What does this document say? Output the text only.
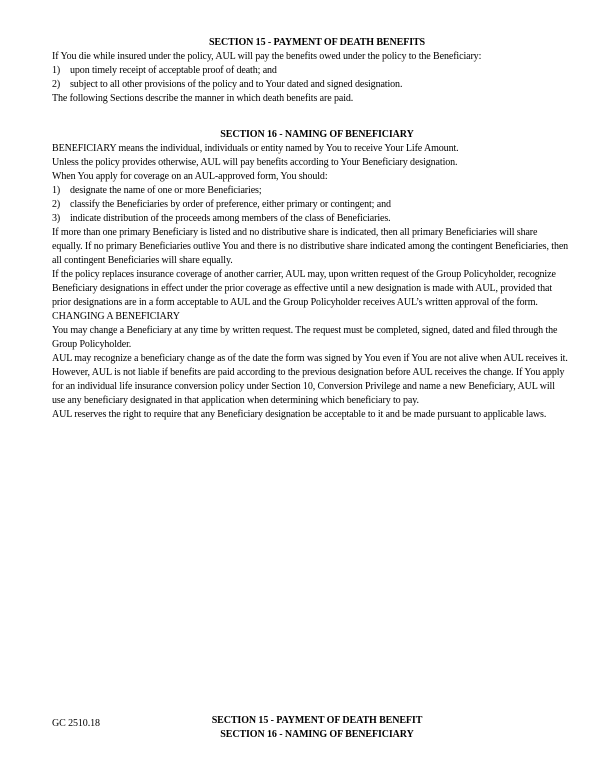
SECTION 15 - PAYMENT OF DEATH BENEFITS

If You die while insured under the policy, AUL will pay the benefits owed under the policy to the Beneficiary:

1) upon timely receipt of acceptable proof of death; and
2) subject to all other provisions of the policy and to Your dated and signed designation.

The following Sections describe the manner in which death benefits are paid.

SECTION 16 - NAMING OF BENEFICIARY

BENEFICIARY means the individual, individuals or entity named by You to receive Your Life Amount.

Unless the policy provides otherwise, AUL will pay benefits according to Your Beneficiary designation.

When You apply for coverage on an AUL-approved form, You should:

1) designate the name of one or more Beneficiaries;
2) classify the Beneficiaries by order of preference, either primary or contingent; and
3) indicate distribution of the proceeds among members of the class of Beneficiaries.

If more than one primary Beneficiary is listed and no distributive share is indicated, then all primary Beneficiaries will share equally. If no primary Beneficiaries outlive You and there is no distributive share indicated among the contingent Beneficiaries, then all contingent Beneficiaries will share equally.

If the policy replaces insurance coverage of another carrier, AUL may, upon written request of the Group Policyholder, recognize Beneficiary designations in effect under the prior coverage as effective until a new designation is made with AUL, provided that prior designations are in a form acceptable to AUL and the Group Policyholder receives AUL’s written approval of the form.

CHANGING A BENEFICIARY

You may change a Beneficiary at any time by written request. The request must be completed, signed, dated and filed through the Group Policyholder.

AUL may recognize a beneficiary change as of the date the form was signed by You even if You are not alive when AUL receives it. However, AUL is not liable if benefits are paid according to the previous designation before AUL receives the change. If You apply for an individual life insurance conversion policy under Section 10, Conversion Privilege and name a new Beneficiary, AUL will use any beneficiary designated in that application when determining which beneficiary to pay.

AUL reserves the right to require that any Beneficiary designation be acceptable to it and be made pursuant to applicable laws.

GC 2510.18	SECTION 15 - PAYMENT OF DEATH BENEFIT
SECTION 16 - NAMING OF BENEFICIARY
